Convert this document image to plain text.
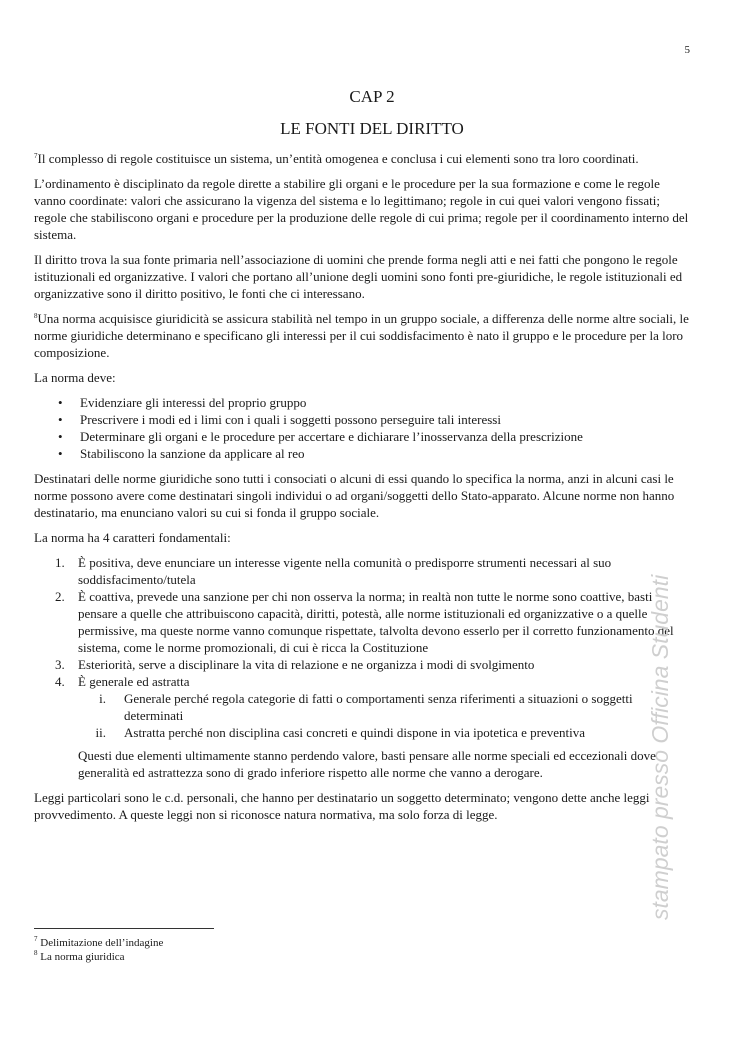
5
CAP 2
LE FONTI DEL DIRITTO

$^7$Il complesso di regole costituisce un sistema, un’entità omogenea e conclusa i cui elementi sono tra loro coordinati.

L’ordinamento è disciplinato da regole dirette a stabilire gli organi e le procedure per la sua formazione e come le regole vanno coordinate: valori che assicurano la vigenza del sistema e lo legittimano; regole in cui quei valori vengono fissati; regole che stabiliscono organi e procedure per la produzione delle regole di cui prima; regole per il coordinamento interno del sistema.

Il diritto trova la sua fonte primaria nell’associazione di uomini che prende forma negli atti e nei fatti che pongono le regole istituzionali ed organizzative. I valori che portano all’unione degli uomini sono fonti pre-giuridiche, le regole istituzionali ed organizzative sono il diritto positivo, le fonti che ci interessano.

$^8$Una norma acquisisce giuridicità se assicura stabilità nel tempo in un gruppo sociale, a differenza delle norme altre sociali, le norme giuridiche determinano e specificano gli interessi per il cui soddisfacimento è nato il gruppo e le procedure per la loro composizione.

La norma deve:

• Evidenziare gli interessi del proprio gruppo
• Prescrivere i modi ed i limi con i quali i soggetti possono perseguire tali interessi
• Determinare gli organi e le procedure per accertare e dichiarare l’inosservanza della prescrizione
• Stabiliscono la sanzione da applicare al reo

Destinatari delle norme giuridiche sono tutti i consociati o alcuni di essi quando lo specifica la norma, anzi in alcuni casi le norme possono avere come destinatari singoli individui o ad organi/soggetti dello Stato-apparato. Alcune norme non hanno destinatario, ma enunciano valori su cui si fonda il gruppo sociale.

La norma ha 4 caratteri fondamentali:

1. È positiva, deve enunciare un interesse vigente nella comunità o predisporre strumenti necessari al suo soddisfacimento/tutela
2. È coattiva, prevede una sanzione per chi non osserva la norma; in realtà non tutte le norme sono coattive, basti pensare a quelle che attribuiscono capacità, diritti, potestà, alle norme istituzionali ed organizzative o a quelle permissive, ma queste norme vanno comunque rispettate, talvolta devono esserlo per il corretto funzionamento del sistema, come le norme promozionali, di cui è ricca la Costituzione
3. Esteriorità, serve a disciplinare la vita di relazione e ne organizza i modi di svolgimento
4. È generale ed astratta
i. Generale perché regola categorie di fatti o comportamenti senza riferimenti a situazioni o soggetti determinati
ii. Astratta perché non disciplina casi concreti e quindi dispone in via ipotetica e preventiva

Questi due elementi ultimamente stanno perdendo valore, basti pensare alle norme speciali ed eccezionali dove generalità ed astrattezza sono di grado inferiore rispetto alle norme che vanno a derogare.

Leggi particolari sono le c.d. personali, che hanno per destinatario un soggetto determinato; vengono dette anche leggi provvedimento. A queste leggi non si riconosce natura normativa, ma solo forza di legge.

$^7$ Delimitazione dell’indagine
$^8$ La norma giuridica
stampato presso Officina Studenti
